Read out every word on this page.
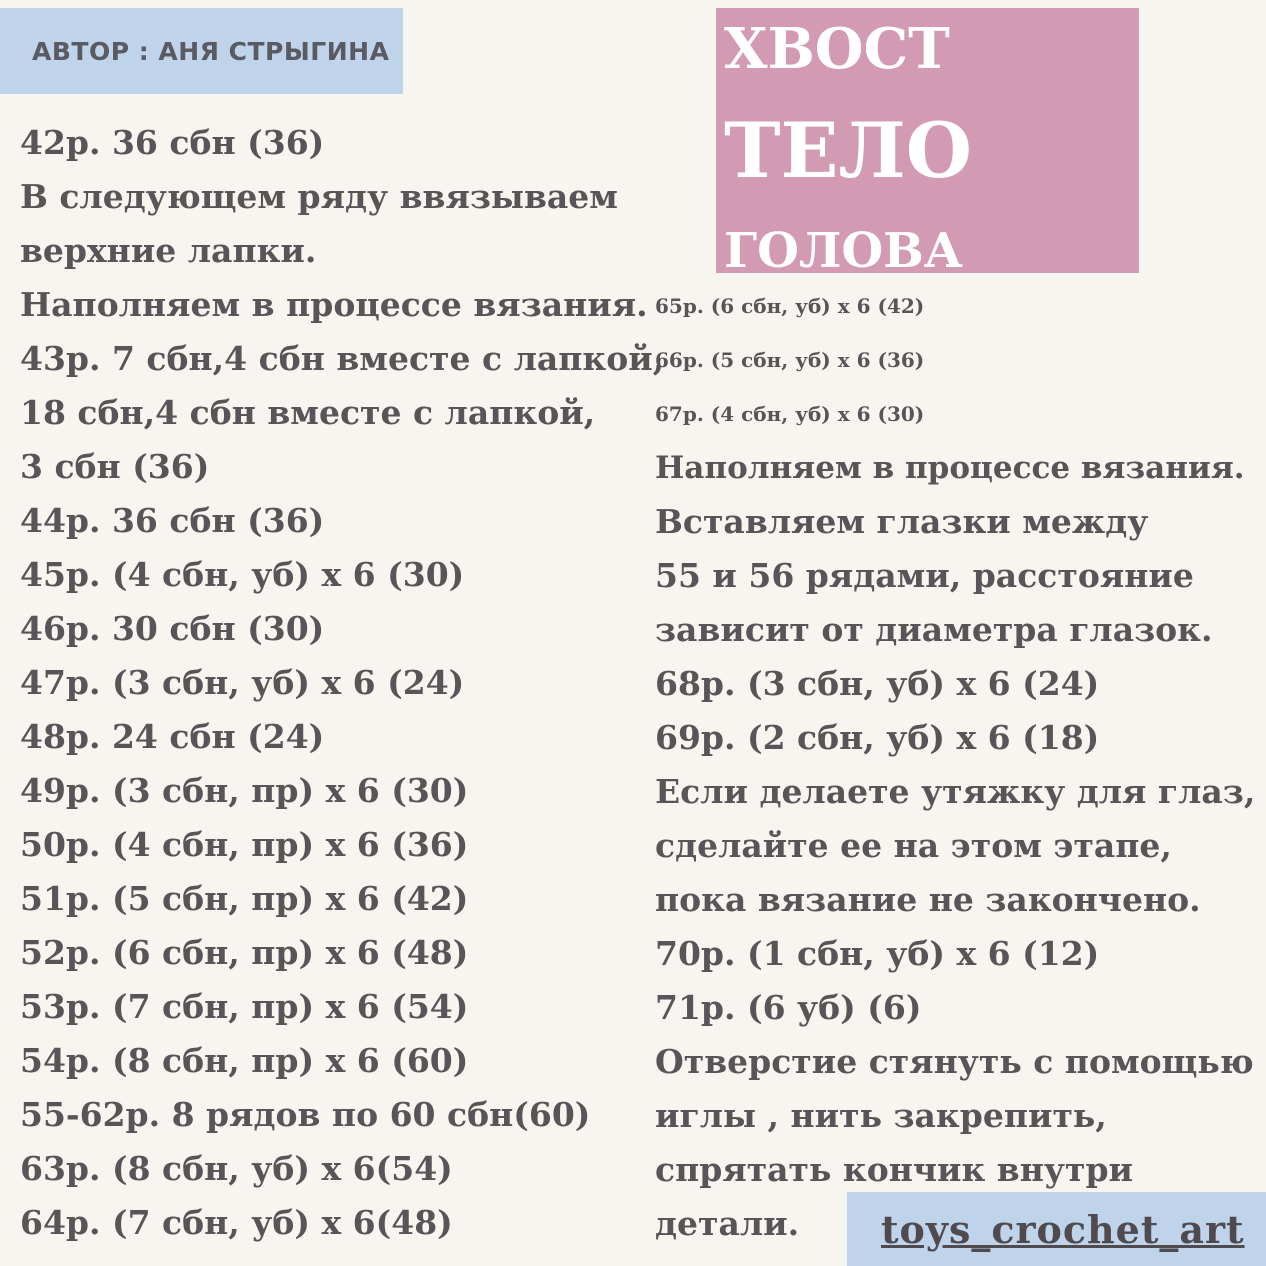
АВТОР : АНЯ СТРЫГИНА	ХВОСТ
ТЕЛО
ГОЛОВА
42р. 36 сбн (36)
В следующем ряду ввязываем
верхние лапки.
Наполняем в процессе вязания.
43р. 7 сбн,4 сбн вместе с лапкой,
18 сбн,4 сбн вместе с лапкой,
3 сбн (36)
44р. 36 сбн (36)
45р. (4 сбн, уб) х 6 (30)
46р. 30 сбн (30)
47р. (3 сбн, уб) х 6 (24)
48р. 24 сбн (24)
49р. (3 сбн, пр) х 6 (30)
50р. (4 сбн, пр) х 6 (36)
51р. (5 сбн, пр) х 6 (42)
52р. (6 сбн, пр) х 6 (48)
53р. (7 сбн, пр) х 6 (54)
54р. (8 сбн, пр) х 6 (60)
55-62р. 8 рядов по 60 сбн(60)
63р. (8 сбн, уб) х 6(54)
64р. (7 сбн, уб) х 6(48)
65р. (6 сбн, уб) х 6 (42)
66р. (5 сбн, уб) х 6 (36)
67р. (4 сбн, уб) х 6 (30)
Наполняем в процессе вязания.
Вставляем глазки между
55 и 56 рядами, расстояние
зависит от диаметра глазок.
68р. (3 сбн, уб) х 6 (24)
69р. (2 сбн, уб) х 6 (18)
Если делаете утяжку для глаз,
сделайте ее на этом этапе,
пока вязание не закончено.
70р. (1 сбн, уб) х 6 (12)
71р. (6 уб) (6)
Отверстие стянуть с помощью
иглы , нить закрепить,
спрятать кончик внутри
детали.	toys_crochet_art
